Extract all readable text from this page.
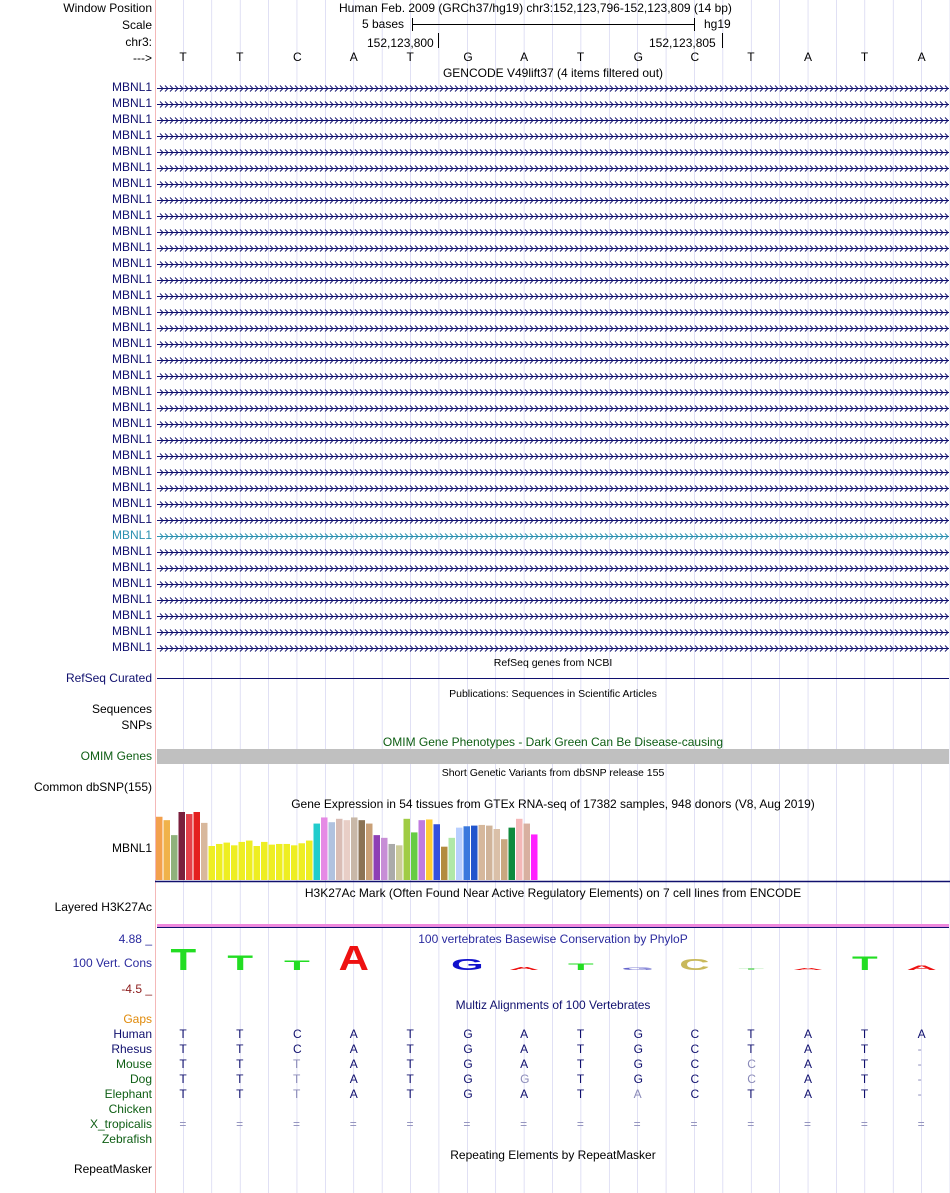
Window Position	Human Feb. 2009 (GRCh37/hg19) chr3:152,123,796-152,123,809 (14 bp)
Scale	5 bases	hg19
chr3:	152,123,800	152,123,805
---> T	T	C	A	T	G	A	T	G	C	T	A	T	A
GENCODE V49lift37 (4 items filtered out)
MBNL1
MBNL1
MBNL1
MBNL1
MBNL1
MBNL1
MBNL1
MBNL1
MBNL1
MBNL1
MBNL1
MBNL1
MBNL1
MBNL1
MBNL1
MBNL1
MBNL1
MBNL1
MBNL1
MBNL1
MBNL1
MBNL1
MBNL1
MBNL1
MBNL1
MBNL1
MBNL1
MBNL1
MBNL1
MBNL1
MBNL1
MBNL1
MBNL1
MBNL1
MBNL1
MBNL1
RefSeq genes from NCBI
RefSeq Curated
Publications: Sequences in Scientific Articles
Sequences
SNPs
OMIM Gene Phenotypes - Dark Green Can Be Disease-causing
OMIM Genes
Short Genetic Variants from dbSNP release 155
Common dbSNP(155)
Gene Expression in 54 tissues from GTEx RNA-seq of 17382 samples, 948 donors (V8, Aug 2019)
MBNL1
H3K27Ac Mark (Often Found Near Active Regulatory Elements) on 7 cell lines from ENCODE
Layered H3K27Ac
100 vertebrates Basewise Conservation by PhyloP
4.88 _
100 Vert. Cons
-4.5 _
T T T A	G A T G C T A T A
Multiz Alignments of 100 Vertebrates
Gaps
Human T	T	C	A	T	G	A	T	G	C	T	A	T	A
Rhesus T	T	C	A	T	G	A	T	G	C	T	A	T	-
Mouse T	T	T	A	T	G	A	T	G	C	C	A	T	-
Dog T	T	T	A	T	G	G	T	G	C	C	A	T	-
Elephant T	T	T	A	T	G	A	T	A	C	T	A	T	-
Chicken
X_tropicalis =	=	=	=	=	=	=	=	=	=	=	=	=	=
Zebrafish
Repeating Elements by RepeatMasker
RepeatMasker
